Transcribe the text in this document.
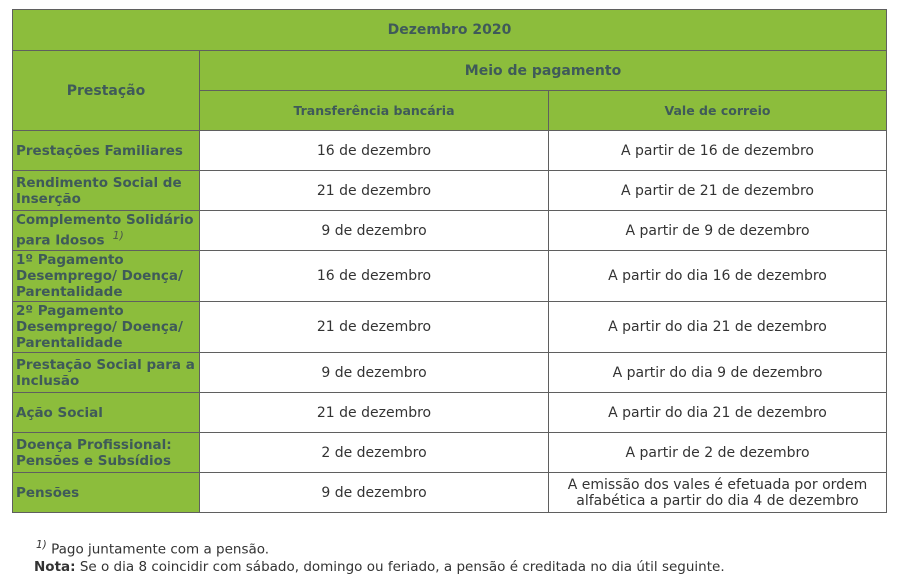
Dezembro 2020		
Prestação	Meio de pagamento	
	Transferência bancária	Vale de correio
Prestações Familiares	16 de dezembro	A partir de 16 de dezembro
Rendimento Social de Inserção	21 de dezembro	A partir de 21 de dezembro
Complemento Solidário para Idosos $^{1)}$	9 de dezembro	A partir de 9 de dezembro
1º Pagamento Desemprego/ Doença/ Parentalidade	16 de dezembro	A partir do dia 16 de dezembro
2º Pagamento Desemprego/ Doença/ Parentalidade	21 de dezembro	A partir do dia 21 de dezembro
Prestação Social para a Inclusão	9 de dezembro	A partir do dia 9 de dezembro
Ação Social	21 de dezembro	A partir do dia 21 de dezembro
Doença Profissional: Pensões e Subsídios	2 de dezembro	A partir de 2 de dezembro
Pensões	9 de dezembro	A emissão dos vales é efetuada por ordem alfabética a partir do dia 4 de dezembro
$^{1)}$ Pago juntamente com a pensão.
Nota: Se o dia 8 coincidir com sábado, domingo ou feriado, a pensão é creditada no dia útil seguinte.
